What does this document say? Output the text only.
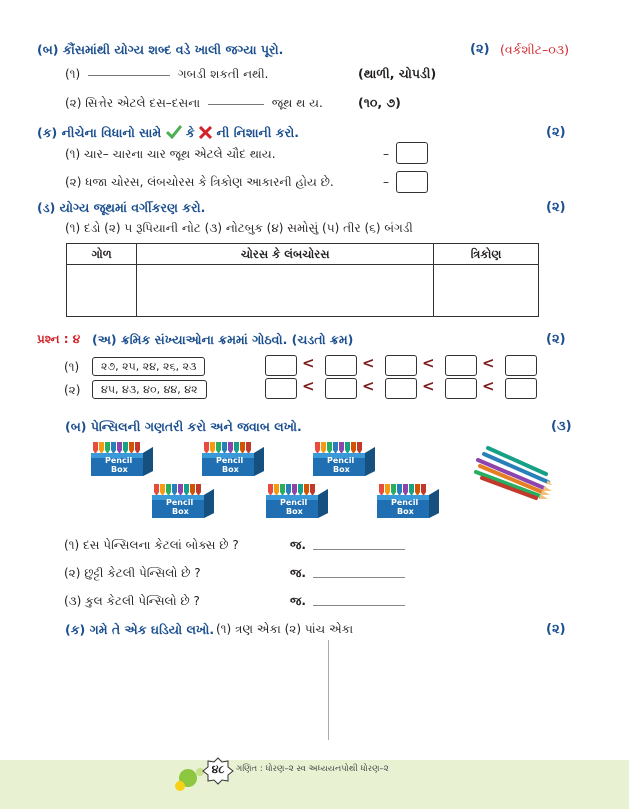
(બ) કૌંસમાંથી યોગ્ય શબ્દ વડે ખાલી જગ્યા પૂરો.	(૨) (વર્કશીટ–૦૩)
(૧)	ગબડી શકતી નથી.	(થાળી, ચોપડી)
(૨) સિત્તેર એટલે દસ–દસના	જૂથ થ ય.	(૧૦, ૭)
(ક) નીચેના વિધાનો સામે કે ની નિશાની કરો.	(૨)
(૧) ચાર– ચારના ચાર જૂથ એટલે ચૌદ થાય.	–
(૨) ધજા ચોરસ, લંબચોરસ કે ત્રિકોણ આકારની હોય છે.	–
(ડ) યોગ્ય જૂથમાં વર્ગીકરણ કરો.	(૨)
(૧) દડો (૨) ૫ રૂપિયાની નોટ (૩) નોટબુક (૪) સમોસું (૫) તીર (૬) બંગડી
ગોળ	ચોરસ કે લંબચોરસ	ત્રિકોણ

પ્રશ્ન : ૪ (અ) ક્રમિક સંખ્યાઓના ક્રમમાં ગોઠવો. (ચડતો ક્રમ)	(૨)
(૧)	૨૭, ૨૫, ૨૪, ૨૬, ૨૩
(૨)	૪૫, ૪૩, ૪૦, ૪૪, ૪૨
<	<	<	<
<	<	<	<
(બ) પેન્સિલની ગણતરી કરો અને જવાબ લખો.	(૩)
Pencil
Box
Pencil
Box
Pencil
Box
Pencil
Box
Pencil
Box
Pencil
Box
(૧) દસ પેન્સિલના કેટલાં બોક્સ છે ?	જ.
(૨) છુટ્ટી કેટલી પેન્સિલો છે ?	જ.
(૩) કુલ કેટલી પેન્સિલો છે ?	જ.
(ક) ગમે તે એક ઘડિયો લખો. (૧) ત્રણ એકા (૨) પાંચ એકા	(૨)
૪૮	ગણિત : ધોરણ–૨ સ્વ અધ્યયનપોથી ધોરણ–૨
